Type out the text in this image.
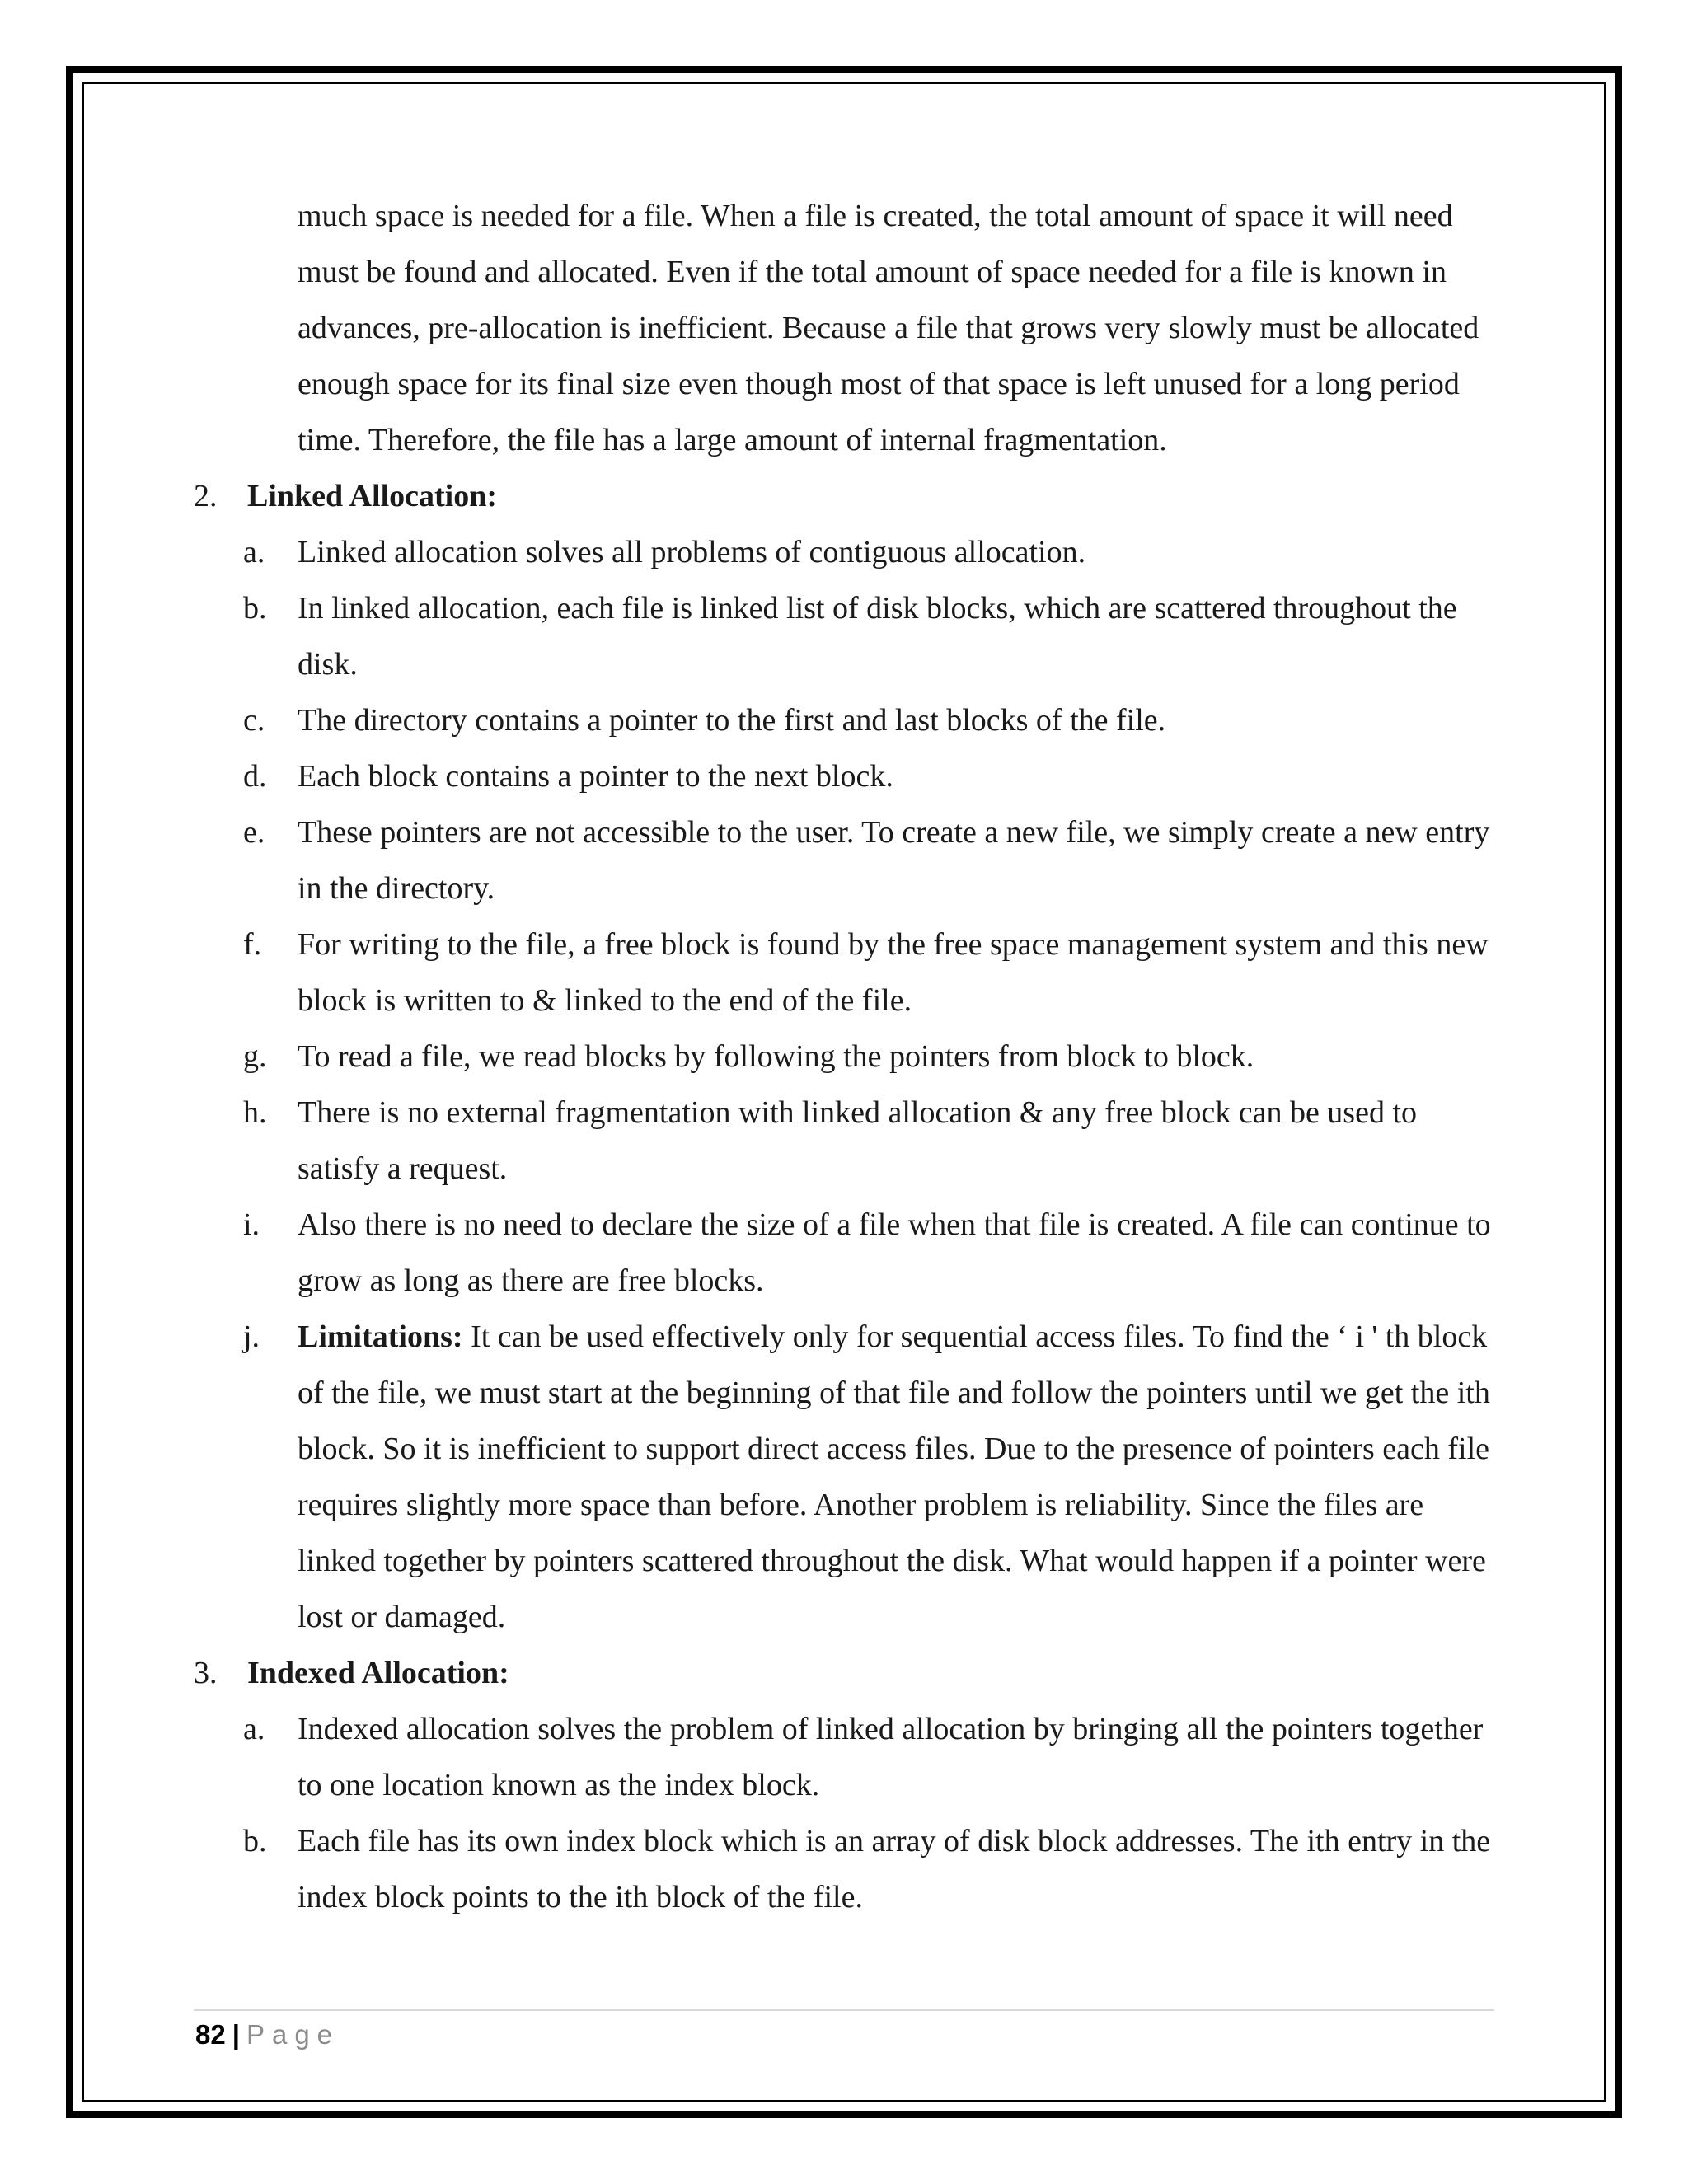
much space is needed for a file. When a file is created, the total amount of space it will need must be found and allocated. Even if the total amount of space needed for a file is known in advances, pre-allocation is inefficient. Because a file that grows very slowly must be allocated enough space for its final size even though most of that space is left unused for a long period time. Therefore, the file has a large amount of internal fragmentation.

2. Linked Allocation:
a. Linked allocation solves all problems of contiguous allocation.
b. In linked allocation, each file is linked list of disk blocks, which are scattered throughout the disk.
c. The directory contains a pointer to the first and last blocks of the file.
d. Each block contains a pointer to the next block.
e. These pointers are not accessible to the user. To create a new file, we simply create a new entry in the directory.
f. For writing to the file, a free block is found by the free space management system and this new block is written to & linked to the end of the file.
g. To read a file, we read blocks by following the pointers from block to block.
h. There is no external fragmentation with linked allocation & any free block can be used to satisfy a request.
i. Also there is no need to declare the size of a file when that file is created. A file can continue to grow as long as there are free blocks.
j. Limitations: It can be used effectively only for sequential access files. To find the ‘ i ' th block of the file, we must start at the beginning of that file and follow the pointers until we get the ith block. So it is inefficient to support direct access files. Due to the presence of pointers each file requires slightly more space than before. Another problem is reliability. Since the files are linked together by pointers scattered throughout the disk. What would happen if a pointer were lost or damaged.
3. Indexed Allocation:
a. Indexed allocation solves the problem of linked allocation by bringing all the pointers together to one location known as the index block.
b. Each file has its own index block which is an array of disk block addresses. The ith entry in the index block points to the ith block of the file.
82 | Page
